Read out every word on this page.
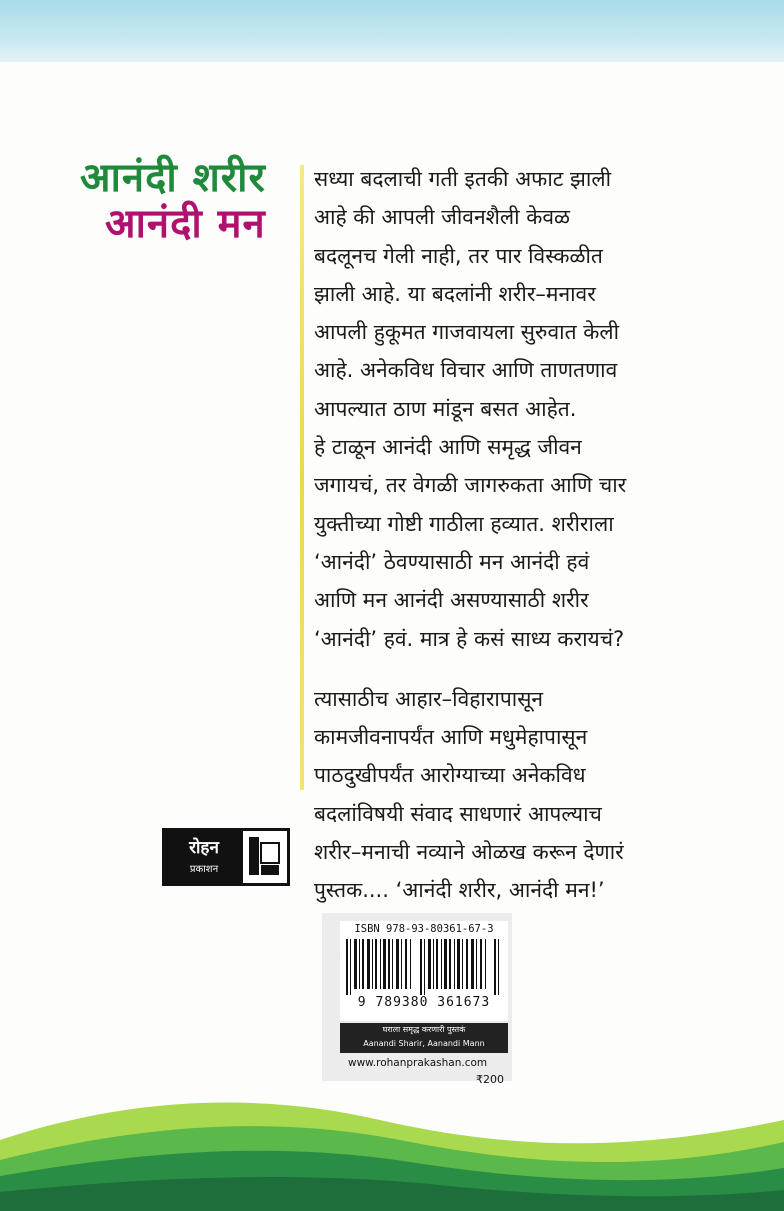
आनंदी शरीर
आनंदी मन

सध्या बदलाची गती इतकी अफाट झाली
आहे की आपली जीवनशैली केवळ
बदलूनच गेली नाही, तर पार विस्कळीत
झाली आहे. या बदलांनी शरीर–मनावर
आपली हुकूमत गाजवायला सुरुवात केली
आहे. अनेकविध विचार आणि ताणतणाव
आपल्यात ठाण मांडून बसत आहेत.
हे टाळून आनंदी आणि समृद्ध जीवन
जगायचं, तर वेगळी जागरुकता आणि चार
युक्तीच्या गोष्टी गाठीला हव्यात. शरीराला
‘आनंदी’ ठेवण्यासाठी मन आनंदी हवं
आणि मन आनंदी असण्यासाठी शरीर
‘आनंदी’ हवं. मात्र हे कसं साध्य करायचं?

त्यासाठीच आहार–विहारापासून
कामजीवनापर्यंत आणि मधुमेहापासून
पाठदुखीपर्यंत आरोग्याच्या अनेकविध
बदलांविषयी संवाद साधणारं आपल्याच
शरीर–मनाची नव्याने ओळख करून देणारं
पुस्तक.... ‘आनंदी शरीर, आनंदी मन!’

रोहन
प्रकाशन
ISBN 978-93-80361-67-3
9 789380 361673
घराला समृद्ध करणारी पुस्तकं
Aanandi Sharir, Aanandi Mann
www.rohanprakashan.com
₹200
